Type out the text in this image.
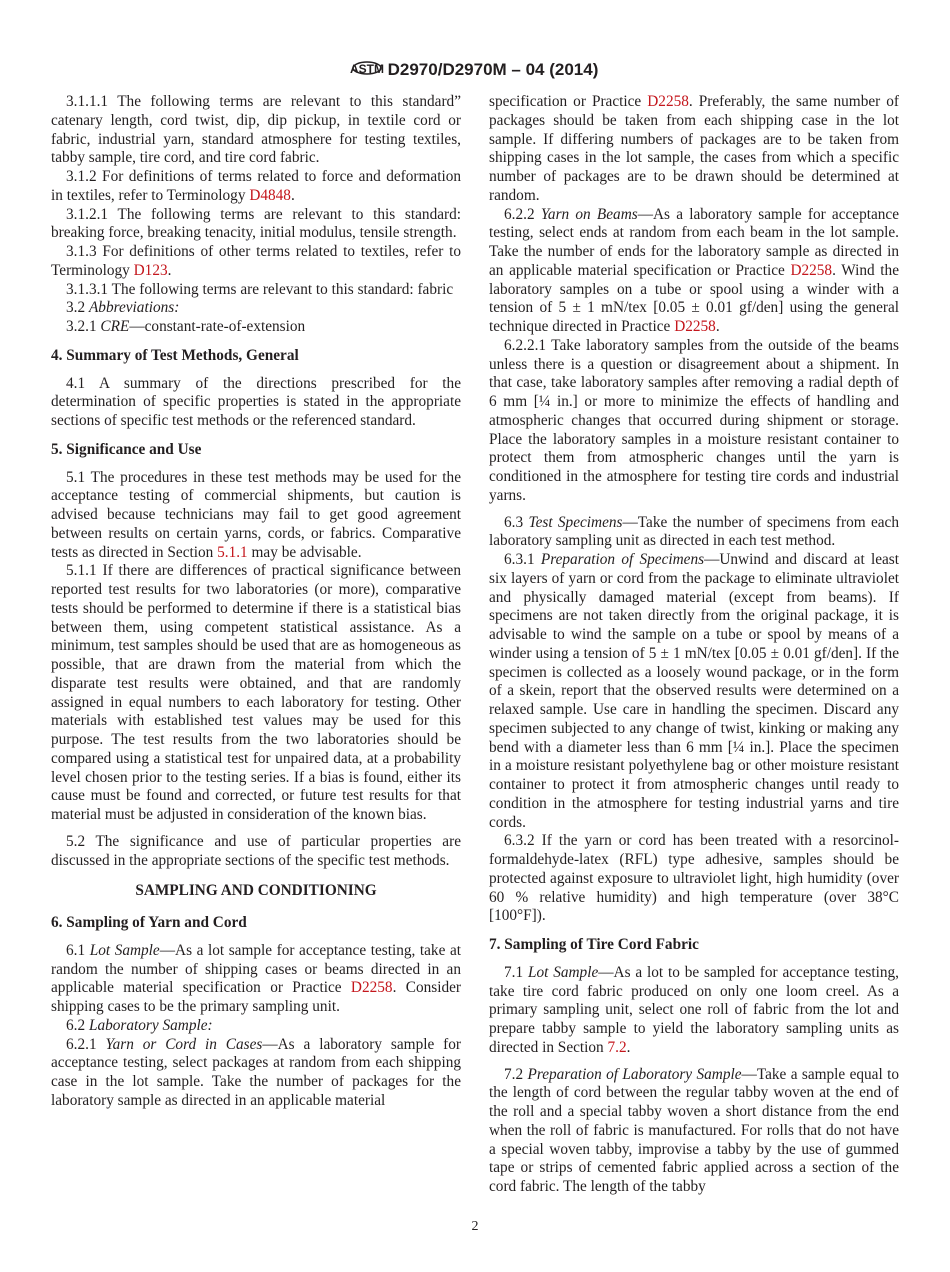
ASTM D2970/D2970M – 04 (2014)
3.1.1.1 The following terms are relevant to this standard” catenary length, cord twist, dip, dip pickup, in textile cord or fabric, industrial yarn, standard atmosphere for testing textiles, tabby sample, tire cord, and tire cord fabric.
3.1.2 For definitions of terms related to force and deformation in textiles, refer to Terminology D4848.
3.1.2.1 The following terms are relevant to this standard: breaking force, breaking tenacity, initial modulus, tensile strength.
3.1.3 For definitions of other terms related to textiles, refer to Terminology D123.
3.1.3.1 The following terms are relevant to this standard: fabric
3.2 Abbreviations:
3.2.1 CRE—constant-rate-of-extension
4. Summary of Test Methods, General
4.1 A summary of the directions prescribed for the determination of specific properties is stated in the appropriate sections of specific test methods or the referenced standard.
5. Significance and Use
5.1 The procedures in these test methods may be used for the acceptance testing of commercial shipments, but caution is advised because technicians may fail to get good agreement between results on certain yarns, cords, or fabrics. Comparative tests as directed in Section 5.1.1 may be advisable.
5.1.1 If there are differences of practical significance between reported test results for two laboratories (or more), comparative tests should be performed to determine if there is a statistical bias between them, using competent statistical assistance. As a minimum, test samples should be used that are as homogeneous as possible, that are drawn from the material from which the disparate test results were obtained, and that are randomly assigned in equal numbers to each laboratory for testing. Other materials with established test values may be used for this purpose. The test results from the two laboratories should be compared using a statistical test for unpaired data, at a probability level chosen prior to the testing series. If a bias is found, either its cause must be found and corrected, or future test results for that material must be adjusted in consideration of the known bias.
5.2 The significance and use of particular properties are discussed in the appropriate sections of the specific test methods.
SAMPLING AND CONDITIONING
6. Sampling of Yarn and Cord
6.1 Lot Sample—As a lot sample for acceptance testing, take at random the number of shipping cases or beams directed in an applicable material specification or Practice D2258. Consider shipping cases to be the primary sampling unit.
6.2 Laboratory Sample:
6.2.1 Yarn or Cord in Cases—As a laboratory sample for acceptance testing, select packages at random from each shipping case in the lot sample. Take the number of packages for the laboratory sample as directed in an applicable material
specification or Practice D2258. Preferably, the same number of packages should be taken from each shipping case in the lot sample. If differing numbers of packages are to be taken from shipping cases in the lot sample, the cases from which a specific number of packages are to be drawn should be determined at random.
6.2.2 Yarn on Beams—As a laboratory sample for acceptance testing, select ends at random from each beam in the lot sample. Take the number of ends for the laboratory sample as directed in an applicable material specification or Practice D2258. Wind the laboratory samples on a tube or spool using a winder with a tension of 5 ± 1 mN/tex [0.05 ± 0.01 gf/den] using the general technique directed in Practice D2258.
6.2.2.1 Take laboratory samples from the outside of the beams unless there is a question or disagreement about a shipment. In that case, take laboratory samples after removing a radial depth of 6 mm [¼ in.] or more to minimize the effects of handling and atmospheric changes that occurred during shipment or storage. Place the laboratory samples in a moisture resistant container to protect them from atmospheric changes until the yarn is conditioned in the atmosphere for testing tire cords and industrial yarns.
6.3 Test Specimens—Take the number of specimens from each laboratory sampling unit as directed in each test method.
6.3.1 Preparation of Specimens—Unwind and discard at least six layers of yarn or cord from the package to eliminate ultraviolet and physically damaged material (except from beams). If specimens are not taken directly from the original package, it is advisable to wind the sample on a tube or spool by means of a winder using a tension of 5 ± 1 mN/tex [0.05 ± 0.01 gf/den]. If the specimen is collected as a loosely wound package, or in the form of a skein, report that the observed results were determined on a relaxed sample. Use care in handling the specimen. Discard any specimen subjected to any change of twist, kinking or making any bend with a diameter less than 6 mm [¼ in.]. Place the specimen in a moisture resistant polyethylene bag or other moisture resistant container to protect it from atmospheric changes until ready to condition in the atmosphere for testing industrial yarns and tire cords.
6.3.2 If the yarn or cord has been treated with a resorcinol-formaldehyde-latex (RFL) type adhesive, samples should be protected against exposure to ultraviolet light, high humidity (over 60 % relative humidity) and high temperature (over 38°C [100°F]).
7. Sampling of Tire Cord Fabric
7.1 Lot Sample—As a lot to be sampled for acceptance testing, take tire cord fabric produced on only one loom creel. As a primary sampling unit, select one roll of fabric from the lot and prepare tabby sample to yield the laboratory sampling units as directed in Section 7.2.
7.2 Preparation of Laboratory Sample—Take a sample equal to the length of cord between the regular tabby woven at the end of the roll and a special tabby woven a short distance from the end when the roll of fabric is manufactured. For rolls that do not have a special woven tabby, improvise a tabby by the use of gummed tape or strips of cemented fabric applied across a section of the cord fabric. The length of the tabby
2
